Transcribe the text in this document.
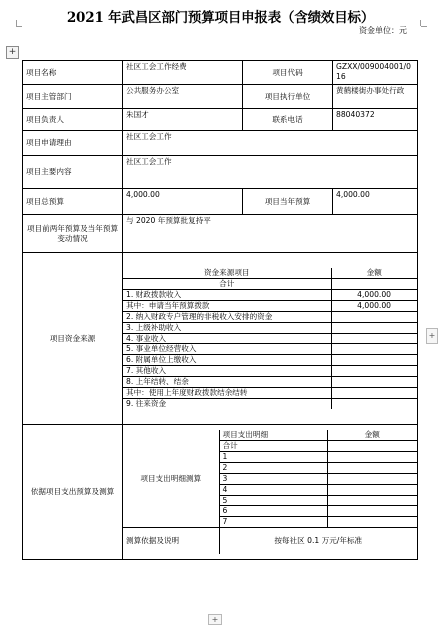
2021 年武昌区部门预算项目申报表（含绩效目标）
资金单位：元
+
+
+
项目名称	社区工会工作经费	项目代码	GZXX/009004001/016
项目主管部门	公共服务办公室	项目执行单位	黄鹤楼街办事处行政
项目负责人	朱国才	联系电话	88040372
项目申请理由	社区工会工作
项目主要内容	社区工会工作
项目总预算	4,000.00	项目当年预算	4,000.00
项目前两年预算及当年预算变动情况	与 2020 年预算批复持平
项目资金来源	
资金来源项目	金额
合计	
1. 财政拨款收入	4,000.00
其中：申请当年预算拨款	4,000.00
2. 纳入财政专户管理的非税收入安排的资金	
3. 上级补助收入	
4. 事业收入	
5. 事业单位经营收入	
6. 附属单位上缴收入	
7. 其他收入	
8. 上年结转、结余	
其中：使用上年度财政拨款结余结转	
9. 往来资金	

依据项目支出预算及测算	
项目支出明细测算	项目支出明细	金额
合计	
1	
2	
3	
4	
5	
6	
7	
测算依据及说明	按每社区 0.1 万元/年标准
